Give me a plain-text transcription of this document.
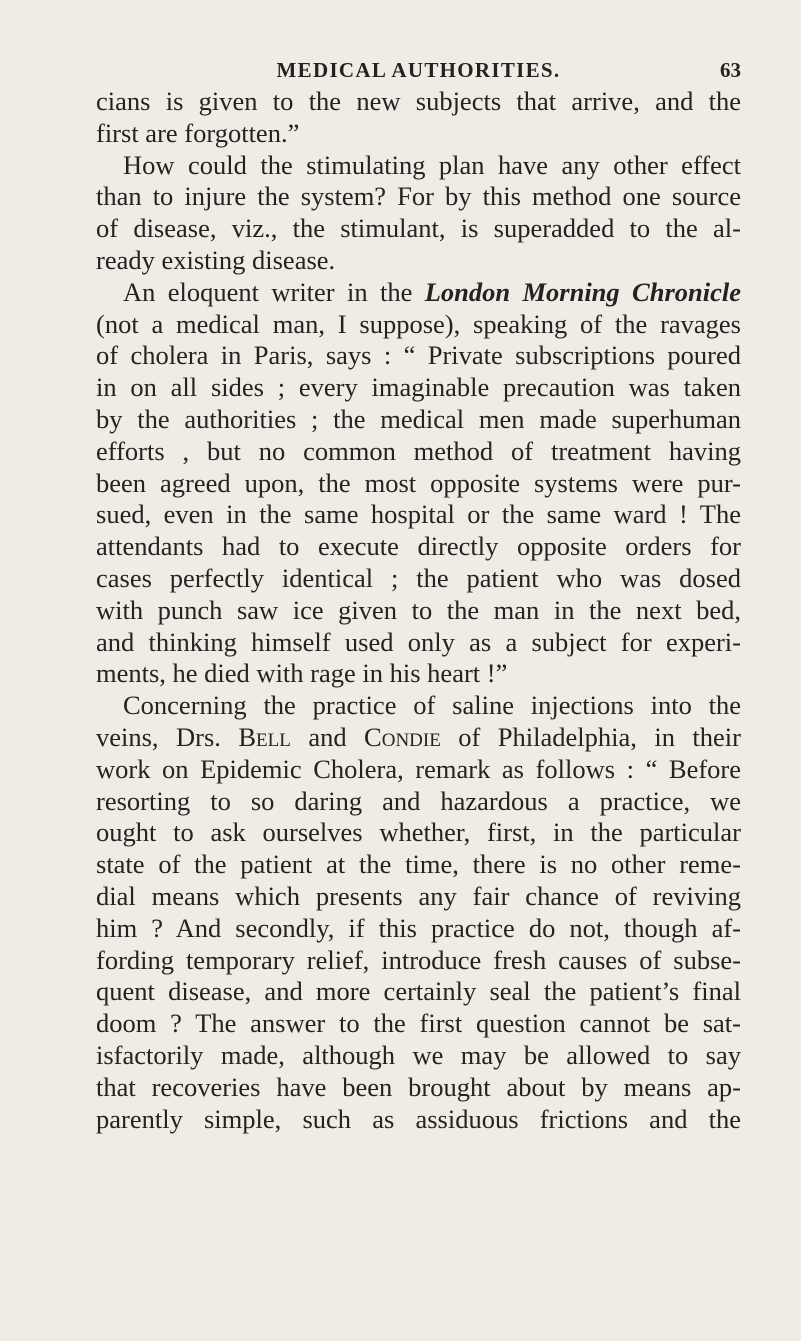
MEDICAL AUTHORITIES.	63
cians is given to the new subjects that arrive, and the
first are forgotten.”
How could the stimulating plan have any other effect
than to injure the system? For by this method one source
of disease, viz., the stimulant, is superadded to the al-
ready existing disease.
An eloquent writer in the London Morning Chronicle
(not a medical man, I suppose), speaking of the ravages
of cholera in Paris, says : “ Private subscriptions poured
in on all sides ; every imaginable precaution was taken
by the authorities ; the medical men made superhuman
efforts , but no common method of treatment having
been agreed upon, the most opposite systems were pur-
sued, even in the same hospital or the same ward ! The
attendants had to execute directly opposite orders for
cases perfectly identical ; the patient who was dosed
with punch saw ice given to the man in the next bed,
and thinking himself used only as a subject for experi-
ments, he died with rage in his heart !”
Concerning the practice of saline injections into the
veins, Drs. Bell and Condie of Philadelphia, in their
work on Epidemic Cholera, remark as follows : “ Before
resorting to so daring and hazardous a practice, we
ought to ask ourselves whether, first, in the particular
state of the patient at the time, there is no other reme-
dial means which presents any fair chance of reviving
him ? And secondly, if this practice do not, though af-
fording temporary relief, introduce fresh causes of subse-
quent disease, and more certainly seal the patient’s final
doom ? The answer to the first question cannot be sat-
isfactorily made, although we may be allowed to say
that recoveries have been brought about by means ap-
parently simple, such as assiduous frictions and the
